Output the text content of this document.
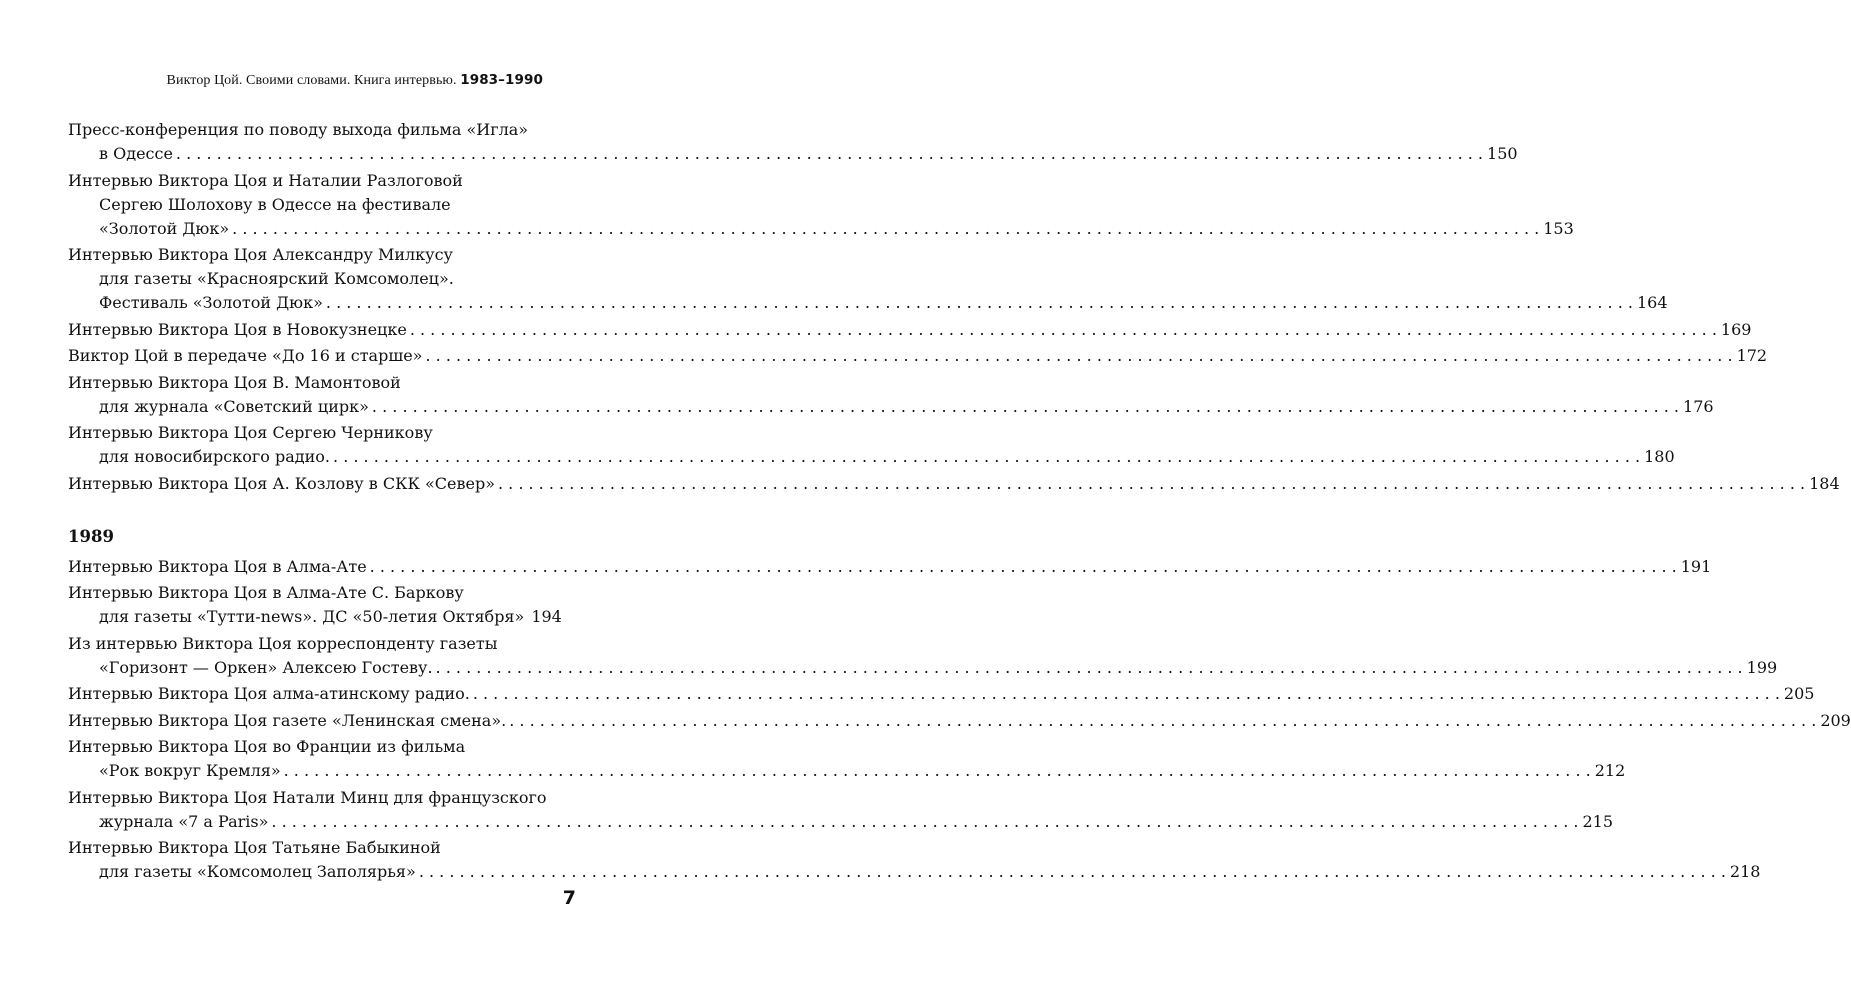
Виктор Цой. Своими словами. Книга интервью. 1983–1990
Пресс-конференция по поводу выхода фильма «Игла»
в Одессе . . .	150
Интервью Виктора Цоя и Наталии Разлоговой
Сергею Шолохову в Одессе на фестивале
«Золотой Дюк» . . .	153
Интервью Виктора Цоя Александру Милкусу
для газеты «Красноярский Комсомолец».
Фестиваль «Золотой Дюк» . . .	164
Интервью Виктора Цоя в Новокузнецке . . .	169
Виктор Цой в передаче «До 16 и старше» . . .	172
Интервью Виктора Цоя В. Мамонтовой
для журнала «Советский цирк» . . .	176
Интервью Виктора Цоя Сергею Черникову
для новосибирского радио. . . .	180
Интервью Виктора Цоя А. Козлову в СКК «Север» . . .	184
1989
Интервью Виктора Цоя в Алма-Ате . . .	191
Интервью Виктора Цоя в Алма-Ате С. Баркову
для газеты «Тутти-news». ДС «50-летия Октября» 194
Из интервью Виктора Цоя корреспонденту газеты
«Горизонт — Оркен» Алексею Гостеву. . . .	199
Интервью Виктора Цоя алма-атинскому радио. . . .	205
Интервью Виктора Цоя газете «Ленинская смена». . . .	209
Интервью Виктора Цоя во Франции из фильма
«Рок вокруг Кремля» . . .	212
Интервью Виктора Цоя Натали Минц для французского
журнала «7 a Paris» . . .	215
Интервью Виктора Цоя Татьяне Бабыкиной
для газеты «Комсомолец Заполярья» . . .	218
7
